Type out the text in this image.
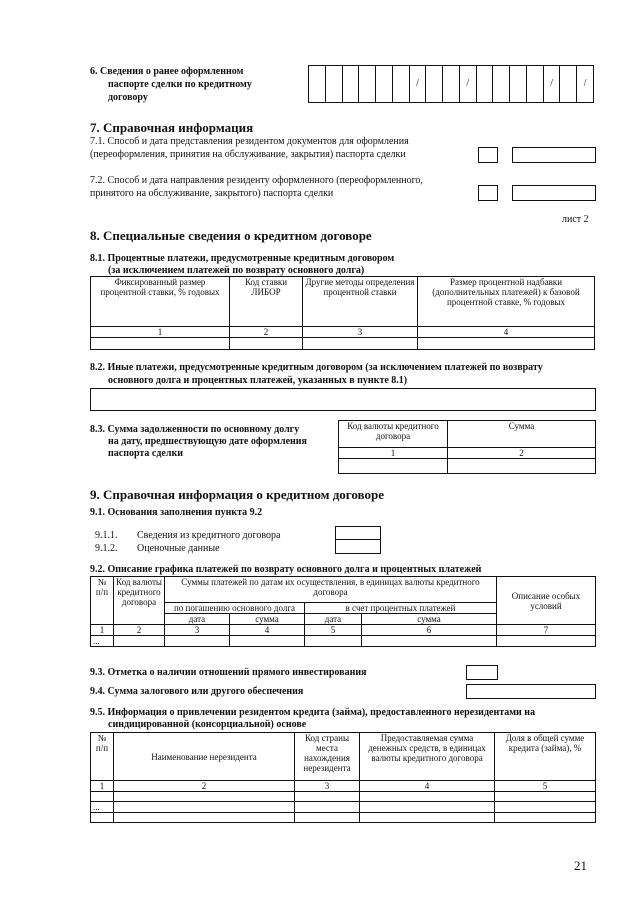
6. Сведения о ранее оформленном
паспорте сделки по кредитному
договору
/	/	/	/
7. Справочная информация
7.1. Способ и дата представления резидентом документов для оформления
(переоформления, принятия на обслуживание, закрытия) паспорта сделки
7.2. Способ и дата направления резиденту оформленного (переоформленного,
принятого на обслуживание, закрытого) паспорта сделки
лист 2
8. Специальные сведения о кредитном договоре
8.1. Процентные платежи, предусмотренные кредитным договором
(за исключением платежей по возврату основного долга)
Фиксированный размер процентной ставки, % годовых	Код ставки ЛИБОР	Другие методы определения процентной ставки	Размер процентной надбавки (дополнительных платежей) к базовой процентной ставке, % годовых
1	2	3	4

8.2. Иные платежи, предусмотренные кредитным договором (за исключением платежей по возврату
основного долга и процентных платежей, указанных в пункте 8.1)
8.3. Сумма задолженности по основному долгу
на дату, предшествующую дате оформления
паспорта сделки
Код валюты кредитного договора	Сумма
1	2

9. Справочная информация о кредитном договоре
9.1. Основания заполнения пункта 9.2
9.1.1. Сведения из кредитного договора
9.1.2. Оценочные данные
9.2. Описание графика платежей по возврату основного долга и процентных платежей
№ п/п	Код валюты кредитного договора	Суммы платежей по датам их осуществления, в единицах валюты кредитного договора				Описание особых условий
		по погашению основного долга		в счет процентных платежей		
		дата	сумма	дата	сумма	
1	2	3	4	5	6	7
...						
9.3. Отметка о наличии отношений прямого инвестирования
9.4. Сумма залогового или другого обеспечения
9.5. Информация о привлечении резидентом кредита (займа), предоставленного нерезидентами на
синдицированной (консорциальной) основе
№ п/п	Наименование нерезидента	Код страны места нахождения нерезидента	Предоставляемая сумма денежных средств, в единицах валюты кредитного договора	Доля в общей сумме кредита (займа), %
1	2	3	4	5

...				

21
